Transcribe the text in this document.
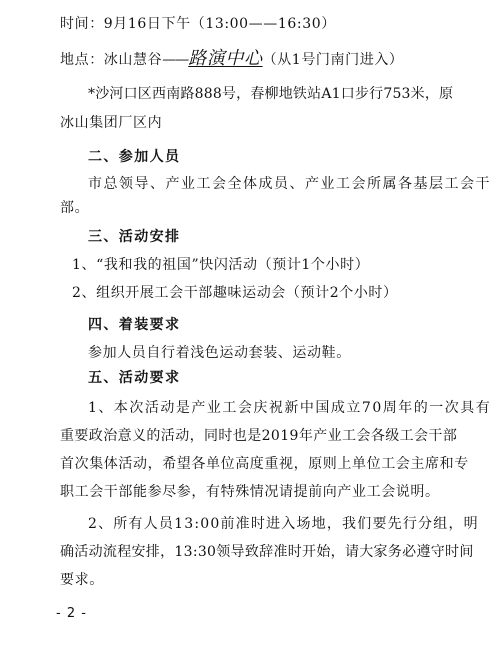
时间：9月16日下午（13:00——16:30）
地点：冰山慧谷——路演中心（从1号门南门进入）
*沙河口区西南路888号，春柳地铁站A1口步行753米，原
冰山集团厂区内
二、参加人员
市总领导、产业工会全体成员、产业工会所属各基层工会干
部。
三、活动安排
1、“我和我的祖国”快闪活动（预计1个小时）
2、组织开展工会干部趣味运动会（预计2个小时）
四、着装要求
参加人员自行着浅色运动套装、运动鞋。
五、活动要求
1、本次活动是产业工会庆祝新中国成立70周年的一次具有
重要政治意义的活动，同时也是2019年产业工会各级工会干部
首次集体活动，希望各单位高度重视，原则上单位工会主席和专
职工会干部能参尽参，有特殊情况请提前向产业工会说明。
2、所有人员13:00前准时进入场地，我们要先行分组，明
确活动流程安排，13:30领导致辞准时开始，请大家务必遵守时间
要求。
- 2 -
